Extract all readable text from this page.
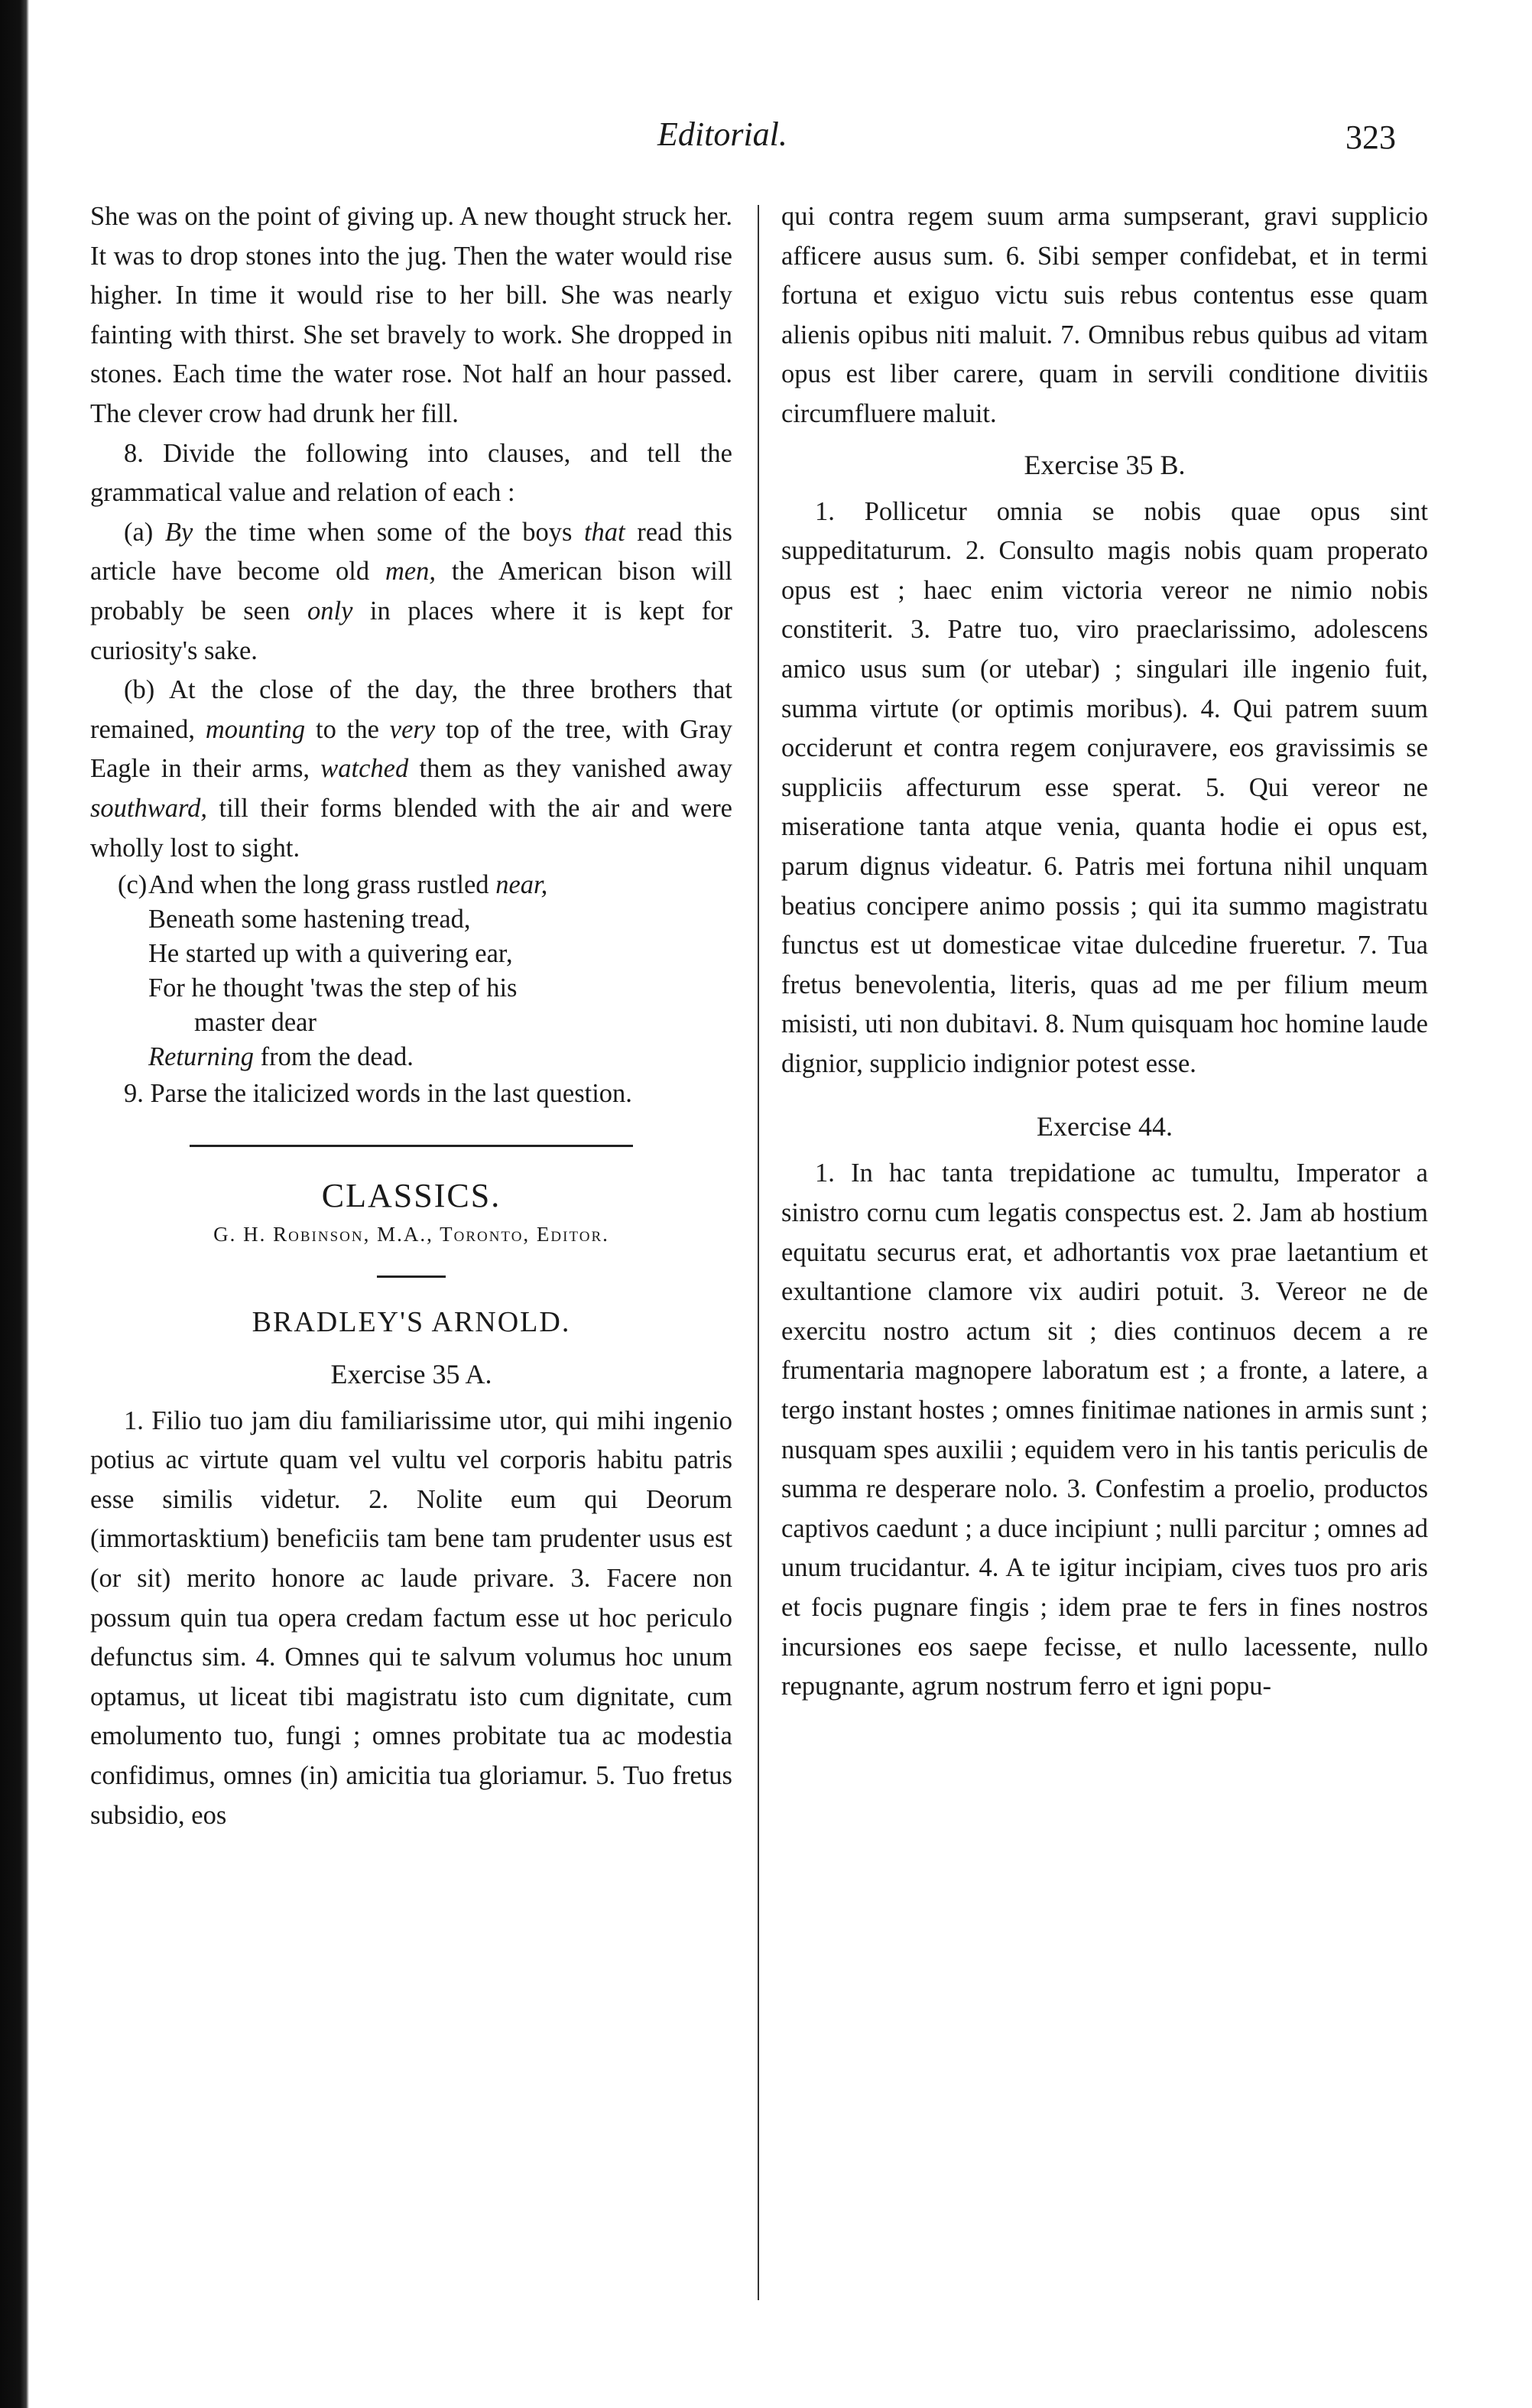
Editorial.	323

She was on the point of giving up. A new thought struck her. It was to drop stones into the jug. Then the water would rise higher. In time it would rise to her bill. She was nearly fainting with thirst. She set bravely to work. She dropped in stones. Each time the water rose. Not half an hour passed. The clever crow had drunk her fill.

8. Divide the following into clauses, and tell the grammatical value and relation of each :

(a) By the time when some of the boys that read this article have become old men, the American bison will probably be seen only in places where it is kept for curiosity's sake.

(b) At the close of the day, the three brothers that remained, mounting to the very top of the tree, with Gray Eagle in their arms, watched them as they vanished away southward, till their forms blended with the air and were wholly lost to sight.

(c)And when the long grass rustled near,
Beneath some hastening tread,
He started up with a quivering ear,
For he thought 'twas the step of his
master dear
Returning from the dead.

9. Parse the italicized words in the last question.

CLASSICS.
G. H. Robinson, M.A., Toronto, Editor.
BRADLEY'S ARNOLD.
Exercise 35 A.

1. Filio tuo jam diu familiarissime utor, qui mihi ingenio potius ac virtute quam vel vultu vel corporis habitu patris esse similis videtur. 2. Nolite eum qui Deorum (immortasktium) beneficiis tam bene tam prudenter usus est (or sit) merito honore ac laude privare. 3. Facere non possum quin tua opera credam factum esse ut hoc periculo defunctus sim. 4. Omnes qui te salvum volumus hoc unum optamus, ut liceat tibi magistratu isto cum dignitate, cum emolumento tuo, fungi ; omnes probitate tua ac modestia confidimus, omnes (in) amicitia tua gloriamur. 5. Tuo fretus subsidio, eos

qui contra regem suum arma sumpserant, gravi supplicio afficere ausus sum. 6. Sibi semper confidebat, et in termi fortuna et exiguo victu suis rebus contentus esse quam alienis opibus niti maluit. 7. Omnibus rebus quibus ad vitam opus est liber carere, quam in servili conditione divitiis circumfluere maluit.

Exercise 35 B.

1. Pollicetur omnia se nobis quae opus sint suppeditaturum. 2. Consulto magis nobis quam properato opus est ; haec enim victoria vereor ne nimio nobis constiterit. 3. Patre tuo, viro praeclarissimo, adolescens amico usus sum (or utebar) ; singulari ille ingenio fuit, summa virtute (or optimis moribus). 4. Qui patrem suum occiderunt et contra regem conjuravere, eos gravissimis se suppliciis affecturum esse sperat. 5. Qui vereor ne miseratione tanta atque venia, quanta hodie ei opus est, parum dignus videatur. 6. Patris mei fortuna nihil unquam beatius concipere animo possis ; qui ita summo magistratu functus est ut domesticae vitae dulcedine frueretur. 7. Tua fretus benevolentia, literis, quas ad me per filium meum misisti, uti non dubitavi. 8. Num quisquam hoc homine laude dignior, supplicio indignior potest esse.

Exercise 44.

1. In hac tanta trepidatione ac tumultu, Imperator a sinistro cornu cum legatis conspectus est. 2. Jam ab hostium equitatu securus erat, et adhortantis vox prae laetantium et exultantione clamore vix audiri potuit. 3. Vereor ne de exercitu nostro actum sit ; dies continuos decem a re frumentaria magnopere laboratum est ; a fronte, a latere, a tergo instant hostes ; omnes finitimae nationes in armis sunt ; nusquam spes auxilii ; equidem vero in his tantis periculis de summa re desperare nolo. 3. Confestim a proelio, productos captivos caedunt ; a duce incipiunt ; nulli parcitur ; omnes ad unum trucidantur. 4. A te igitur incipiam, cives tuos pro aris et focis pugnare fingis ; idem prae te fers in fines nostros incursiones eos saepe fecisse, et nullo lacessente, nullo repugnante, agrum nostrum ferro et igni popu-
